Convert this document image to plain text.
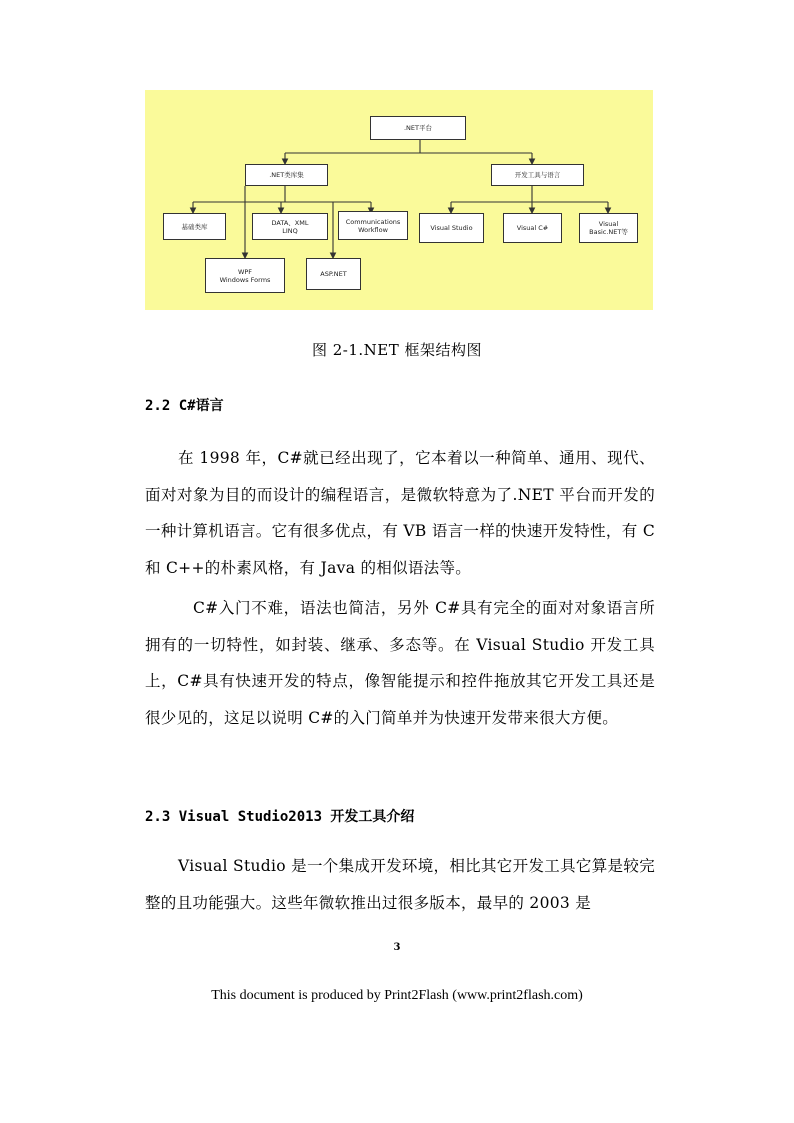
.NET平台
.NET类库集	开发工具与语言
基础类库	DATA、XML
LINQ
Communications
Workflow
WPF
Windows Forms
ASP.NET
Visual Studio	Visual C#	Visual
Basic.NET等
图 2-1.NET 框架结构图
2.2 C#语言
在 1998 年，C#就已经出现了，它本着以一种简单、通用、现代、面对对象为目的而设计的编程语言，是微软特意为了.NET 平台而开发的一种计算机语言。它有很多优点，有 VB 语言一样的快速开发特性，有 C 和 C++的朴素风格，有 Java 的相似语法等。
C#入门不难，语法也简洁，另外 C#具有完全的面对对象语言所拥有的一切特性，如封装、继承、多态等。在 Visual Studio 开发工具上，C#具有快速开发的特点，像智能提示和控件拖放其它开发工具还是很少见的，这足以说明 C#的入门简单并为快速开发带来很大方便。
2.3 Visual Studio2013 开发工具介绍
Visual Studio 是一个集成开发环境，相比其它开发工具它算是较完整的且功能强大。这些年微软推出过很多版本，最早的 2003 是
3
This document is produced by Print2Flash (www.print2flash.com)
